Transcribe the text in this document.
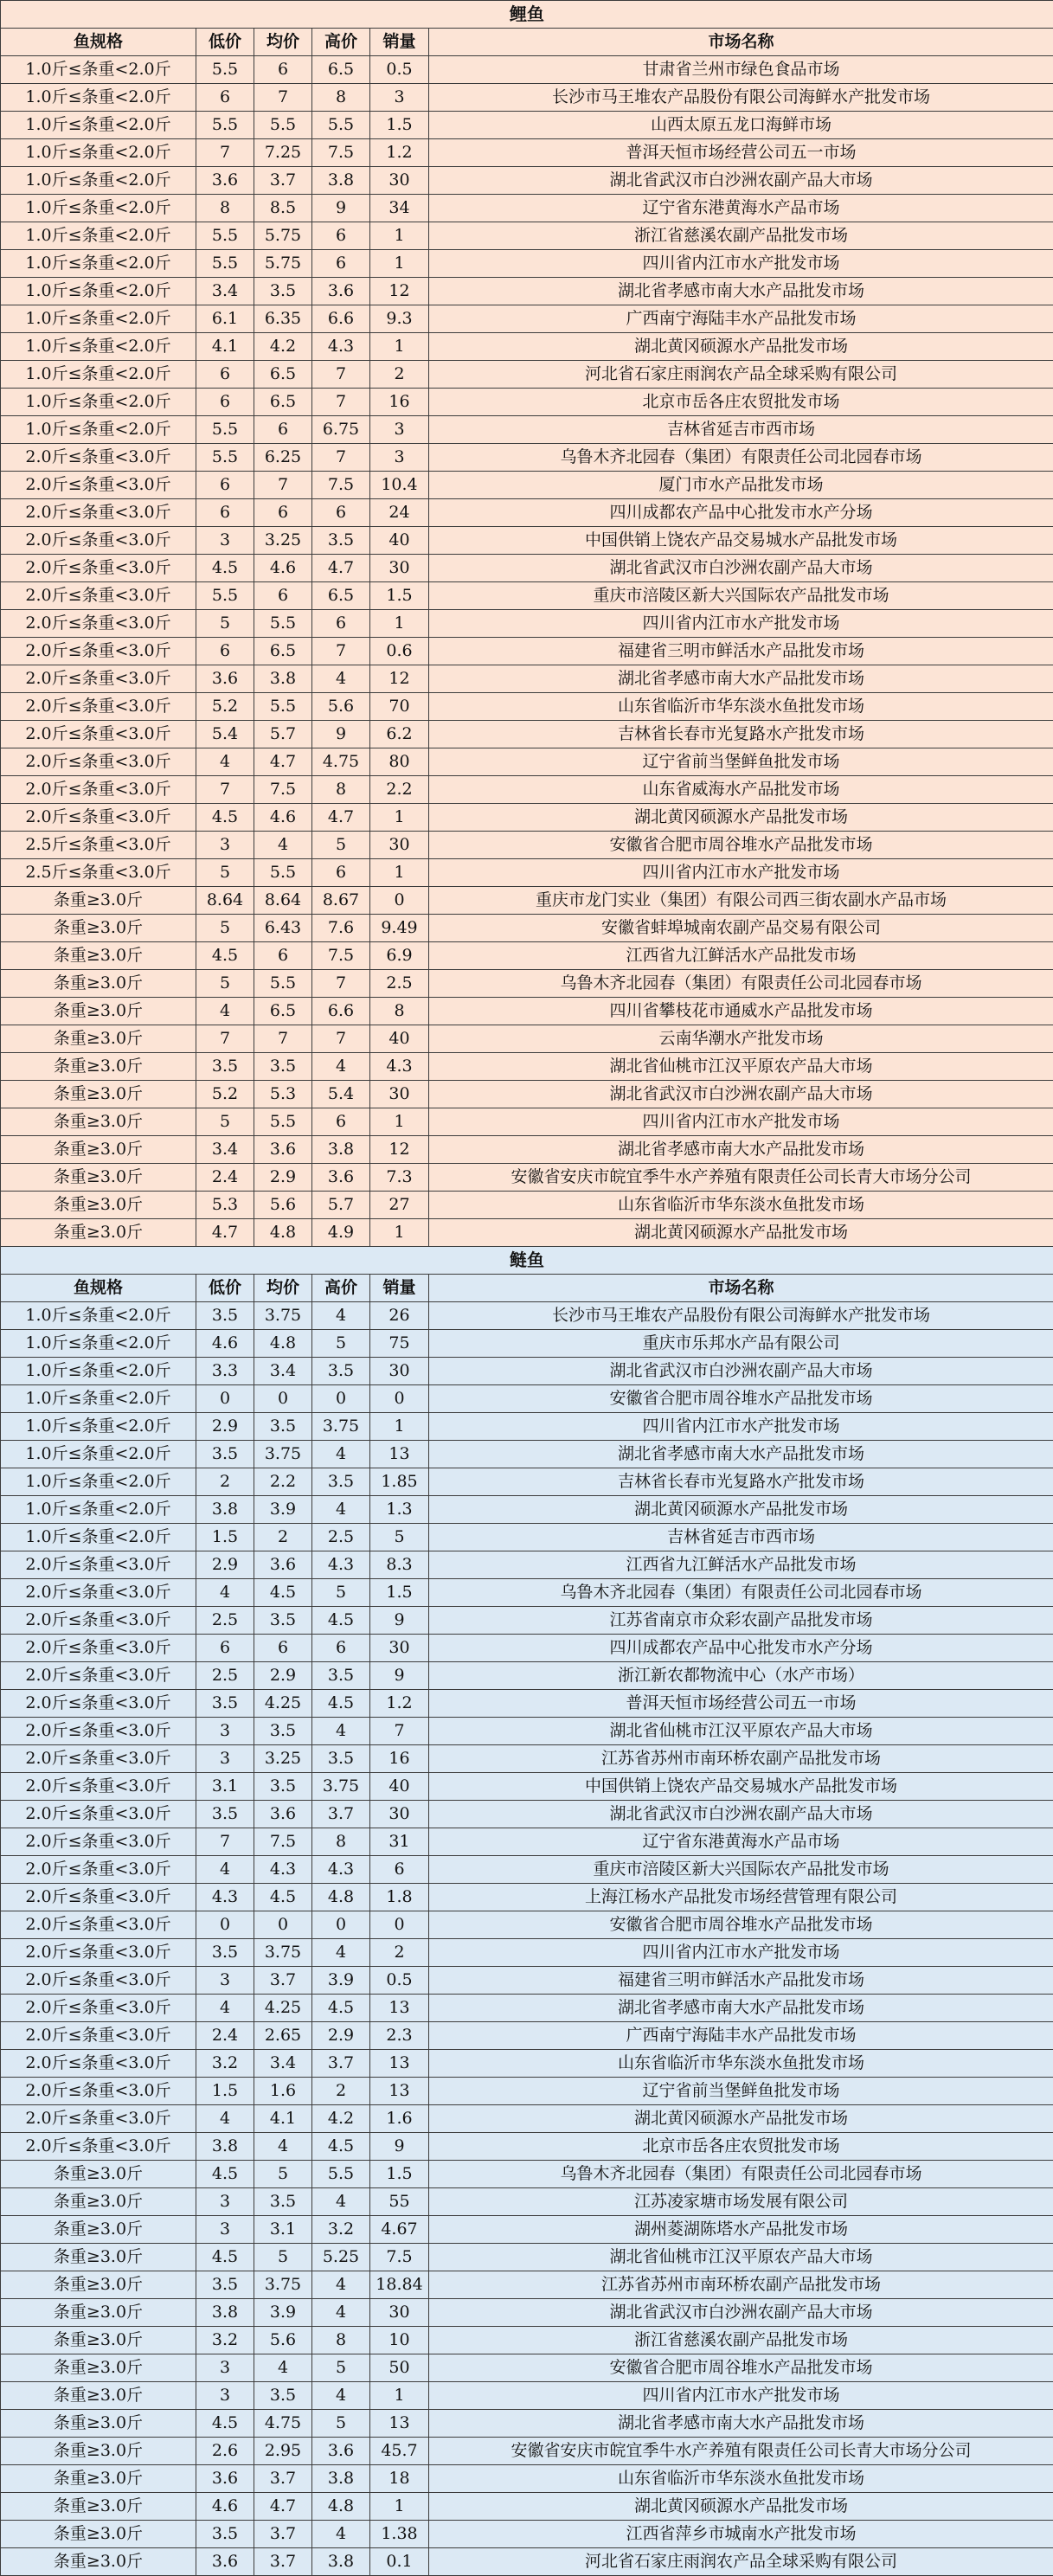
鲤鱼					
鱼规格	低价	均价	高价	销量	市场名称
1.0斤≤条重<2.0斤	5.5	6	6.5	0.5	甘肃省兰州市绿色食品市场
1.0斤≤条重<2.0斤	6	7	8	3	长沙市马王堆农产品股份有限公司海鲜水产批发市场
1.0斤≤条重<2.0斤	5.5	5.5	5.5	1.5	山西太原五龙口海鲜市场
1.0斤≤条重<2.0斤	7	7.25	7.5	1.2	普洱天恒市场经营公司五一市场
1.0斤≤条重<2.0斤	3.6	3.7	3.8	30	湖北省武汉市白沙洲农副产品大市场
1.0斤≤条重<2.0斤	8	8.5	9	34	辽宁省东港黄海水产品市场
1.0斤≤条重<2.0斤	5.5	5.75	6	1	浙江省慈溪农副产品批发市场
1.0斤≤条重<2.0斤	5.5	5.75	6	1	四川省内江市水产批发市场
1.0斤≤条重<2.0斤	3.4	3.5	3.6	12	湖北省孝感市南大水产品批发市场
1.0斤≤条重<2.0斤	6.1	6.35	6.6	9.3	广西南宁海陆丰水产品批发市场
1.0斤≤条重<2.0斤	4.1	4.2	4.3	1	湖北黄冈硕源水产品批发市场
1.0斤≤条重<2.0斤	6	6.5	7	2	河北省石家庄雨润农产品全球采购有限公司
1.0斤≤条重<2.0斤	6	6.5	7	16	北京市岳各庄农贸批发市场
1.0斤≤条重<2.0斤	5.5	6	6.75	3	吉林省延吉市西市场
2.0斤≤条重<3.0斤	5.5	6.25	7	3	乌鲁木齐北园春（集团）有限责任公司北园春市场
2.0斤≤条重<3.0斤	6	7	7.5	10.4	厦门市水产品批发市场
2.0斤≤条重<3.0斤	6	6	6	24	四川成都农产品中心批发市水产分场
2.0斤≤条重<3.0斤	3	3.25	3.5	40	中国供销上饶农产品交易城水产品批发市场
2.0斤≤条重<3.0斤	4.5	4.6	4.7	30	湖北省武汉市白沙洲农副产品大市场
2.0斤≤条重<3.0斤	5.5	6	6.5	1.5	重庆市涪陵区新大兴国际农产品批发市场
2.0斤≤条重<3.0斤	5	5.5	6	1	四川省内江市水产批发市场
2.0斤≤条重<3.0斤	6	6.5	7	0.6	福建省三明市鲜活水产品批发市场
2.0斤≤条重<3.0斤	3.6	3.8	4	12	湖北省孝感市南大水产品批发市场
2.0斤≤条重<3.0斤	5.2	5.5	5.6	70	山东省临沂市华东淡水鱼批发市场
2.0斤≤条重<3.0斤	5.4	5.7	9	6.2	吉林省长春市光复路水产批发市场
2.0斤≤条重<3.0斤	4	4.7	4.75	80	辽宁省前当堡鲜鱼批发市场
2.0斤≤条重<3.0斤	7	7.5	8	2.2	山东省威海水产品批发市场
2.0斤≤条重<3.0斤	4.5	4.6	4.7	1	湖北黄冈硕源水产品批发市场
2.5斤≤条重<3.0斤	3	4	5	30	安徽省合肥市周谷堆水产品批发市场
2.5斤≤条重<3.0斤	5	5.5	6	1	四川省内江市水产批发市场
条重≥3.0斤	8.64	8.64	8.67	0	重庆市龙门实业（集团）有限公司西三街农副水产品市场
条重≥3.0斤	5	6.43	7.6	9.49	安徽省蚌埠城南农副产品交易有限公司
条重≥3.0斤	4.5	6	7.5	6.9	江西省九江鲜活水产品批发市场
条重≥3.0斤	5	5.5	7	2.5	乌鲁木齐北园春（集团）有限责任公司北园春市场
条重≥3.0斤	4	6.5	6.6	8	四川省攀枝花市通威水产品批发市场
条重≥3.0斤	7	7	7	40	云南华潮水产批发市场
条重≥3.0斤	3.5	3.5	4	4.3	湖北省仙桃市江汉平原农产品大市场
条重≥3.0斤	5.2	5.3	5.4	30	湖北省武汉市白沙洲农副产品大市场
条重≥3.0斤	5	5.5	6	1	四川省内江市水产批发市场
条重≥3.0斤	3.4	3.6	3.8	12	湖北省孝感市南大水产品批发市场
条重≥3.0斤	2.4	2.9	3.6	7.3	安徽省安庆市皖宜季牛水产养殖有限责任公司长青大市场分公司
条重≥3.0斤	5.3	5.6	5.7	27	山东省临沂市华东淡水鱼批发市场
条重≥3.0斤	4.7	4.8	4.9	1	湖北黄冈硕源水产品批发市场
鲢鱼					
鱼规格	低价	均价	高价	销量	市场名称
1.0斤≤条重<2.0斤	3.5	3.75	4	26	长沙市马王堆农产品股份有限公司海鲜水产批发市场
1.0斤≤条重<2.0斤	4.6	4.8	5	75	重庆市乐邦水产品有限公司
1.0斤≤条重<2.0斤	3.3	3.4	3.5	30	湖北省武汉市白沙洲农副产品大市场
1.0斤≤条重<2.0斤	0	0	0	0	安徽省合肥市周谷堆水产品批发市场
1.0斤≤条重<2.0斤	2.9	3.5	3.75	1	四川省内江市水产批发市场
1.0斤≤条重<2.0斤	3.5	3.75	4	13	湖北省孝感市南大水产品批发市场
1.0斤≤条重<2.0斤	2	2.2	3.5	1.85	吉林省长春市光复路水产批发市场
1.0斤≤条重<2.0斤	3.8	3.9	4	1.3	湖北黄冈硕源水产品批发市场
1.0斤≤条重<2.0斤	1.5	2	2.5	5	吉林省延吉市西市场
2.0斤≤条重<3.0斤	2.9	3.6	4.3	8.3	江西省九江鲜活水产品批发市场
2.0斤≤条重<3.0斤	4	4.5	5	1.5	乌鲁木齐北园春（集团）有限责任公司北园春市场
2.0斤≤条重<3.0斤	2.5	3.5	4.5	9	江苏省南京市众彩农副产品批发市场
2.0斤≤条重<3.0斤	6	6	6	30	四川成都农产品中心批发市水产分场
2.0斤≤条重<3.0斤	2.5	2.9	3.5	9	浙江新农都物流中心（水产市场）
2.0斤≤条重<3.0斤	3.5	4.25	4.5	1.2	普洱天恒市场经营公司五一市场
2.0斤≤条重<3.0斤	3	3.5	4	7	湖北省仙桃市江汉平原农产品大市场
2.0斤≤条重<3.0斤	3	3.25	3.5	16	江苏省苏州市南环桥农副产品批发市场
2.0斤≤条重<3.0斤	3.1	3.5	3.75	40	中国供销上饶农产品交易城水产品批发市场
2.0斤≤条重<3.0斤	3.5	3.6	3.7	30	湖北省武汉市白沙洲农副产品大市场
2.0斤≤条重<3.0斤	7	7.5	8	31	辽宁省东港黄海水产品市场
2.0斤≤条重<3.0斤	4	4.3	4.3	6	重庆市涪陵区新大兴国际农产品批发市场
2.0斤≤条重<3.0斤	4.3	4.5	4.8	1.8	上海江杨水产品批发市场经营管理有限公司
2.0斤≤条重<3.0斤	0	0	0	0	安徽省合肥市周谷堆水产品批发市场
2.0斤≤条重<3.0斤	3.5	3.75	4	2	四川省内江市水产批发市场
2.0斤≤条重<3.0斤	3	3.7	3.9	0.5	福建省三明市鲜活水产品批发市场
2.0斤≤条重<3.0斤	4	4.25	4.5	13	湖北省孝感市南大水产品批发市场
2.0斤≤条重<3.0斤	2.4	2.65	2.9	2.3	广西南宁海陆丰水产品批发市场
2.0斤≤条重<3.0斤	3.2	3.4	3.7	13	山东省临沂市华东淡水鱼批发市场
2.0斤≤条重<3.0斤	1.5	1.6	2	13	辽宁省前当堡鲜鱼批发市场
2.0斤≤条重<3.0斤	4	4.1	4.2	1.6	湖北黄冈硕源水产品批发市场
2.0斤≤条重<3.0斤	3.8	4	4.5	9	北京市岳各庄农贸批发市场
条重≥3.0斤	4.5	5	5.5	1.5	乌鲁木齐北园春（集团）有限责任公司北园春市场
条重≥3.0斤	3	3.5	4	55	江苏凌家塘市场发展有限公司
条重≥3.0斤	3	3.1	3.2	4.67	湖州菱湖陈塔水产品批发市场
条重≥3.0斤	4.5	5	5.25	7.5	湖北省仙桃市江汉平原农产品大市场
条重≥3.0斤	3.5	3.75	4	18.84	江苏省苏州市南环桥农副产品批发市场
条重≥3.0斤	3.8	3.9	4	30	湖北省武汉市白沙洲农副产品大市场
条重≥3.0斤	3.2	5.6	8	10	浙江省慈溪农副产品批发市场
条重≥3.0斤	3	4	5	50	安徽省合肥市周谷堆水产品批发市场
条重≥3.0斤	3	3.5	4	1	四川省内江市水产批发市场
条重≥3.0斤	4.5	4.75	5	13	湖北省孝感市南大水产品批发市场
条重≥3.0斤	2.6	2.95	3.6	45.7	安徽省安庆市皖宜季牛水产养殖有限责任公司长青大市场分公司
条重≥3.0斤	3.6	3.7	3.8	18	山东省临沂市华东淡水鱼批发市场
条重≥3.0斤	4.6	4.7	4.8	1	湖北黄冈硕源水产品批发市场
条重≥3.0斤	3.5	3.7	4	1.38	江西省萍乡市城南水产批发市场
条重≥3.0斤	3.6	3.7	3.8	0.1	河北省石家庄雨润农产品全球采购有限公司
